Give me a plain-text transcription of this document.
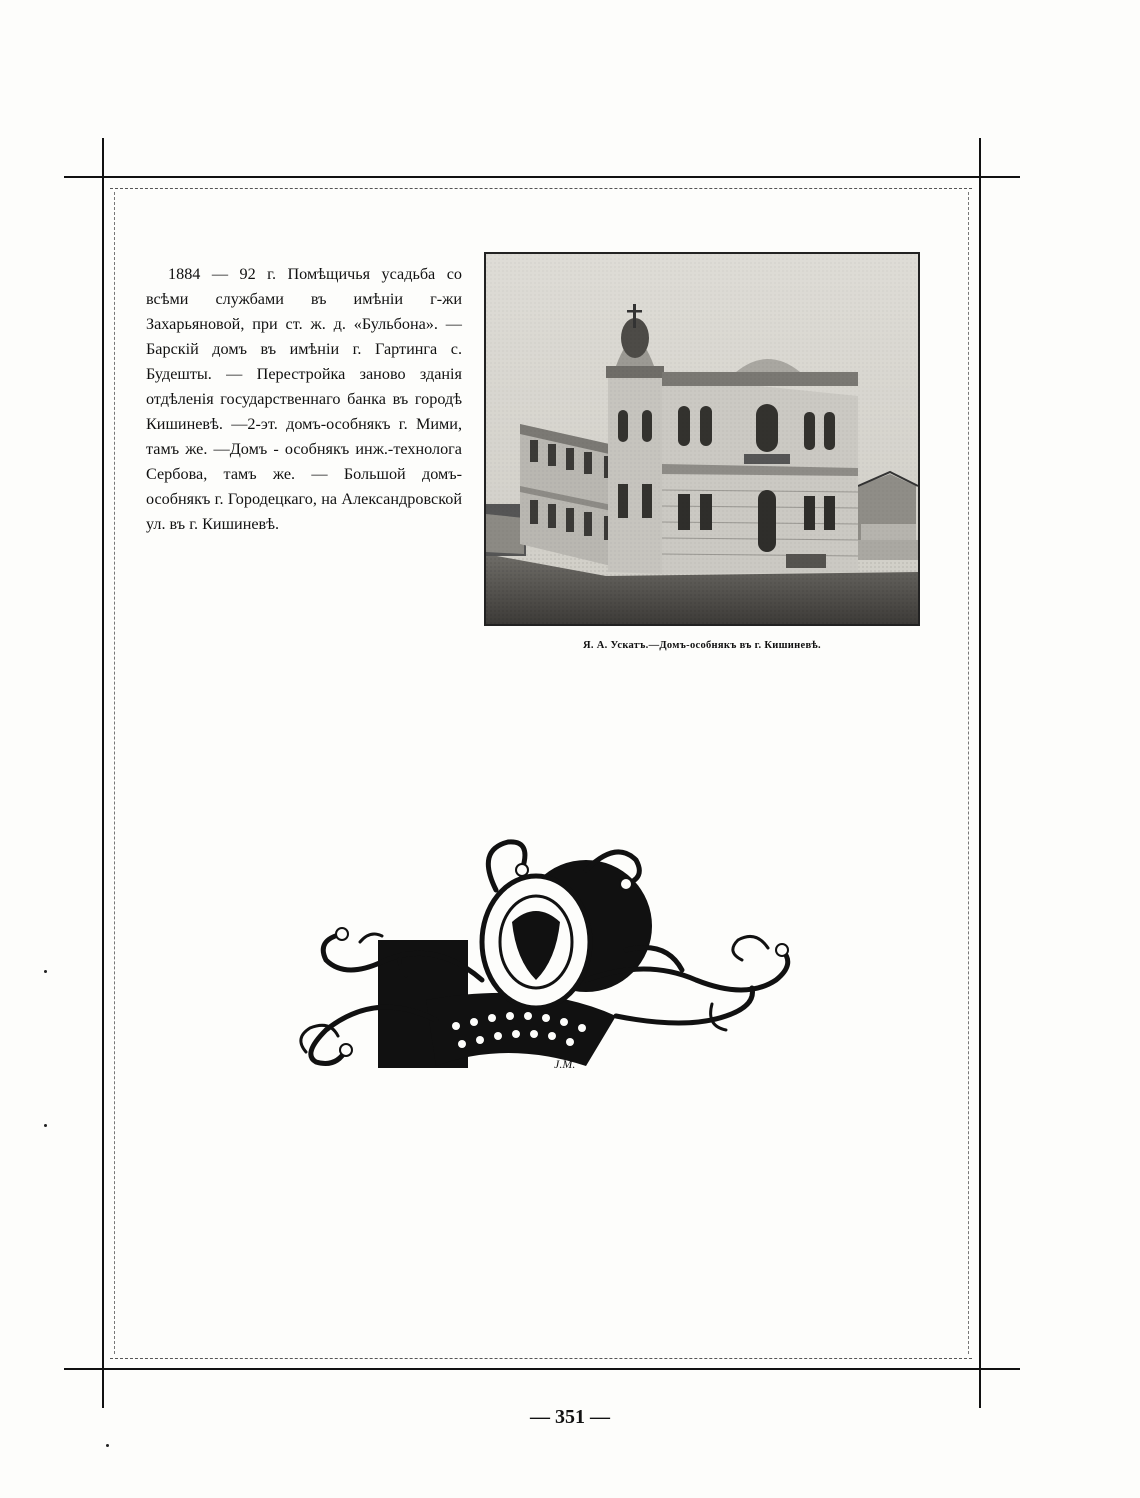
1884 — 92 г. Помѣщичья усадьба со всѣми службами въ имѣнiи г-жи Захарьяновой, при ст. ж. д. «Бульбона». — Барскiй домъ въ имѣнiи г. Гартинга с. Будешты. — Перестройка заново зданiя отдѣленiя государственнаго банка въ городѣ Кишиневѣ. —2-эт. домъ-особнякъ г. Мими, тамъ же. —Домъ - особнякъ инж.-технолога Сербова, тамъ же. — Большой домъ-особнякъ г. Городецкаго, на Александровской ул. въ г. Кишиневѣ.

Я. А. Ускатъ.—Домъ-особнякъ въ г. Кишиневѣ.
J.M.
— 351 —
